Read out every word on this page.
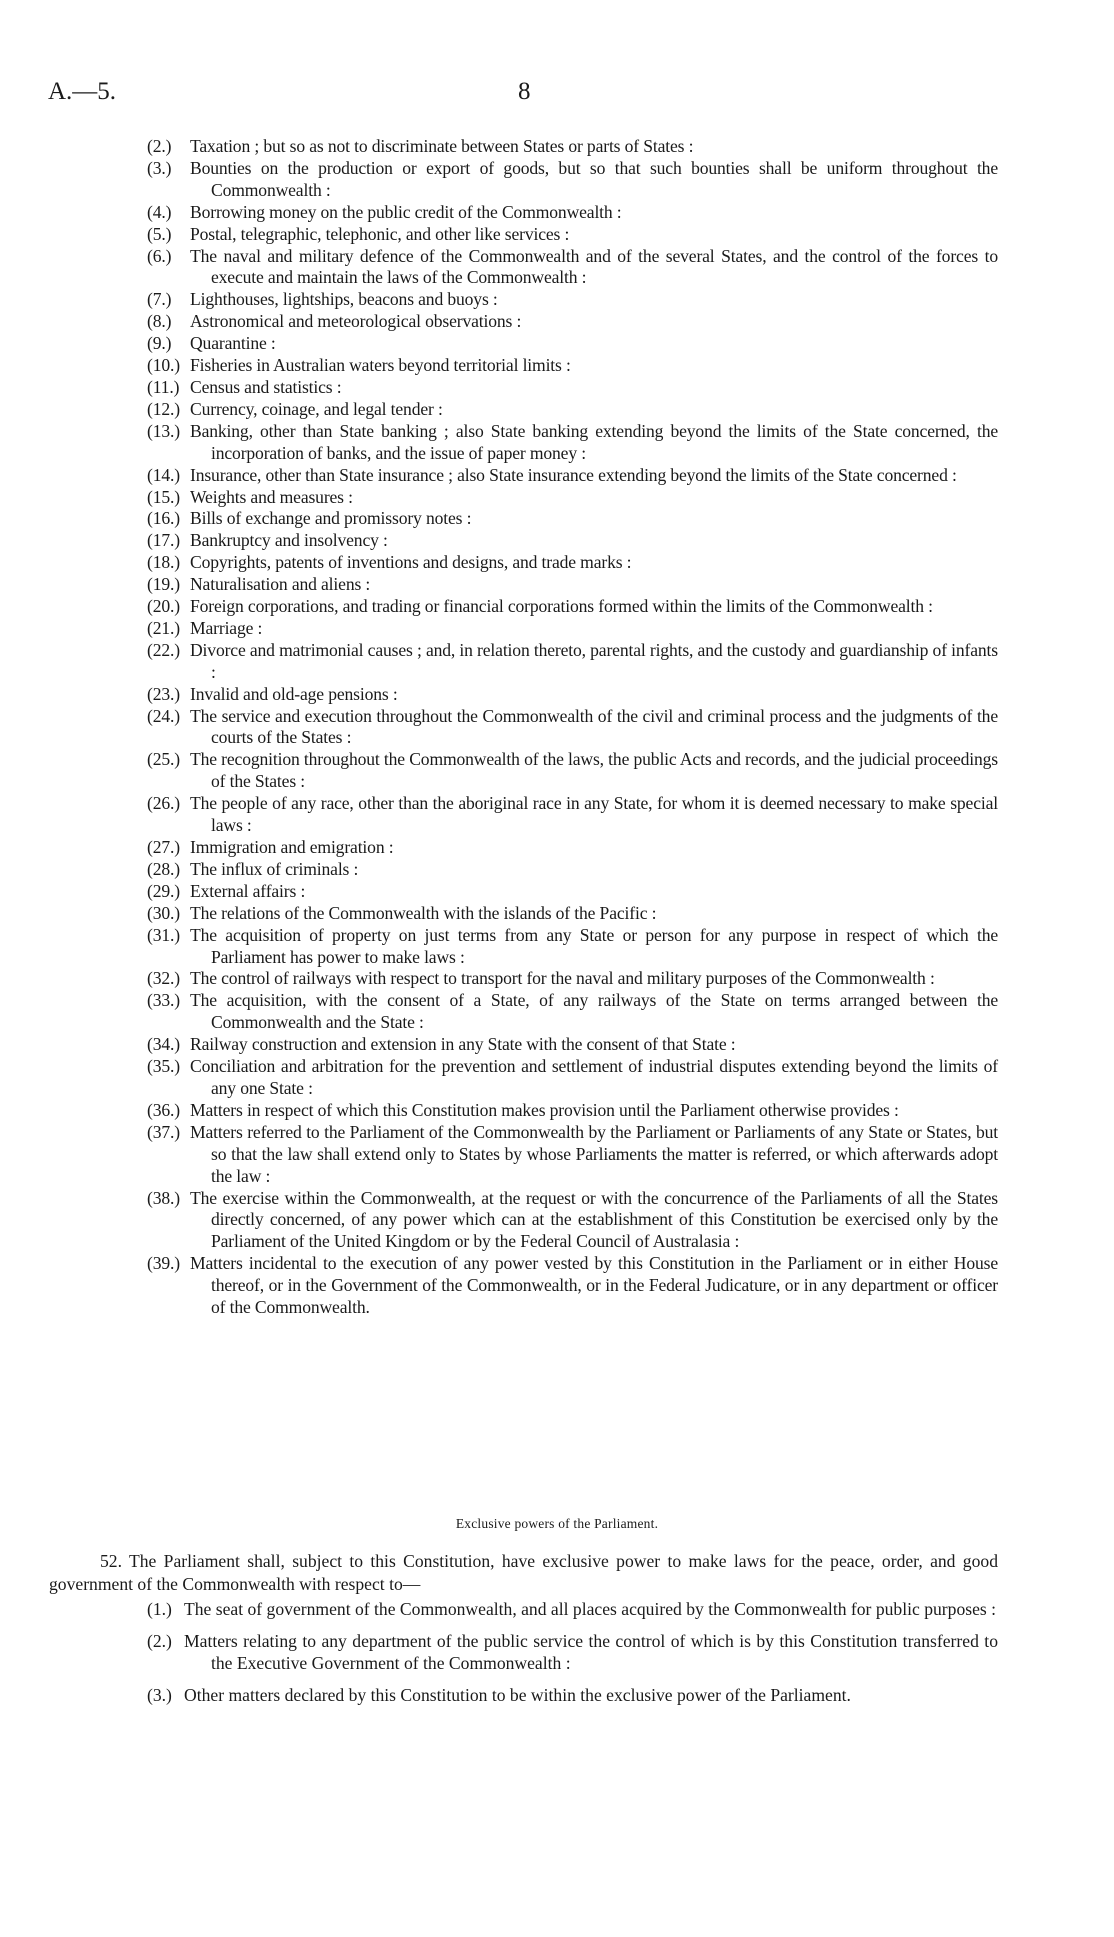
A.—5.	8
(2.) Taxation ; but so as not to discriminate between States or parts of States :
(3.) Bounties on the production or export of goods, but so that such bounties shall be uniform throughout the Commonwealth :
(4.) Borrowing money on the public credit of the Commonwealth :
(5.) Postal, telegraphic, telephonic, and other like services :
(6.) The naval and military defence of the Commonwealth and of the several States, and the control of the forces to execute and maintain the laws of the Commonwealth :
(7.) Lighthouses, lightships, beacons and buoys :
(8.) Astronomical and meteorological observations :
(9.) Quarantine :
(10.) Fisheries in Australian waters beyond territorial limits :
(11.) Census and statistics :
(12.) Currency, coinage, and legal tender :
(13.) Banking, other than State banking ; also State banking extending beyond the limits of the State concerned, the incorporation of banks, and the issue of paper money :
(14.) Insurance, other than State insurance ; also State insurance extending beyond the limits of the State concerned :
(15.) Weights and measures :
(16.) Bills of exchange and promissory notes :
(17.) Bankruptcy and insolvency :
(18.) Copyrights, patents of inventions and designs, and trade marks :
(19.) Naturalisation and aliens :
(20.) Foreign corporations, and trading or financial corporations formed within the limits of the Commonwealth :
(21.) Marriage :
(22.) Divorce and matrimonial causes ; and, in relation thereto, parental rights, and the custody and guardianship of infants :
(23.) Invalid and old-age pensions :
(24.) The service and execution throughout the Commonwealth of the civil and criminal process and the judgments of the courts of the States :
(25.) The recognition throughout the Commonwealth of the laws, the public Acts and records, and the judicial proceedings of the States :
(26.) The people of any race, other than the aboriginal race in any State, for whom it is deemed necessary to make special laws :
(27.) Immigration and emigration :
(28.) The influx of criminals :
(29.) External affairs :
(30.) The relations of the Commonwealth with the islands of the Pacific :
(31.) The acquisition of property on just terms from any State or person for any purpose in respect of which the Parliament has power to make laws :
(32.) The control of railways with respect to transport for the naval and military purposes of the Commonwealth :
(33.) The acquisition, with the consent of a State, of any railways of the State on terms arranged between the Commonwealth and the State :
(34.) Railway construction and extension in any State with the consent of that State :
(35.) Conciliation and arbitration for the prevention and settlement of industrial disputes extending beyond the limits of any one State :
(36.) Matters in respect of which this Constitution makes provision until the Parliament otherwise provides :
(37.) Matters referred to the Parliament of the Commonwealth by the Parliament or Parliaments of any State or States, but so that the law shall extend only to States by whose Parliaments the matter is referred, or which afterwards adopt the law :
(38.) The exercise within the Commonwealth, at the request or with the concurrence of the Parliaments of all the States directly concerned, of any power which can at the establishment of this Constitution be exercised only by the Parliament of the United Kingdom or by the Federal Council of Australasia :
(39.) Matters incidental to the execution of any power vested by this Constitution in the Parliament or in either House thereof, or in the Government of the Commonwealth, or in the Federal Judicature, or in any department or officer of the Commonwealth.
Exclusive powers of the Parliament.
52. The Parliament shall, subject to this Constitution, have exclusive power to make laws for the peace, order, and good government of the Commonwealth with respect to—
(1.) The seat of government of the Commonwealth, and all places acquired by the Commonwealth for public purposes :
(2.) Matters relating to any department of the public service the control of which is by this Constitution transferred to the Executive Government of the Commonwealth :
(3.) Other matters declared by this Constitution to be within the exclusive power of the Parliament.
